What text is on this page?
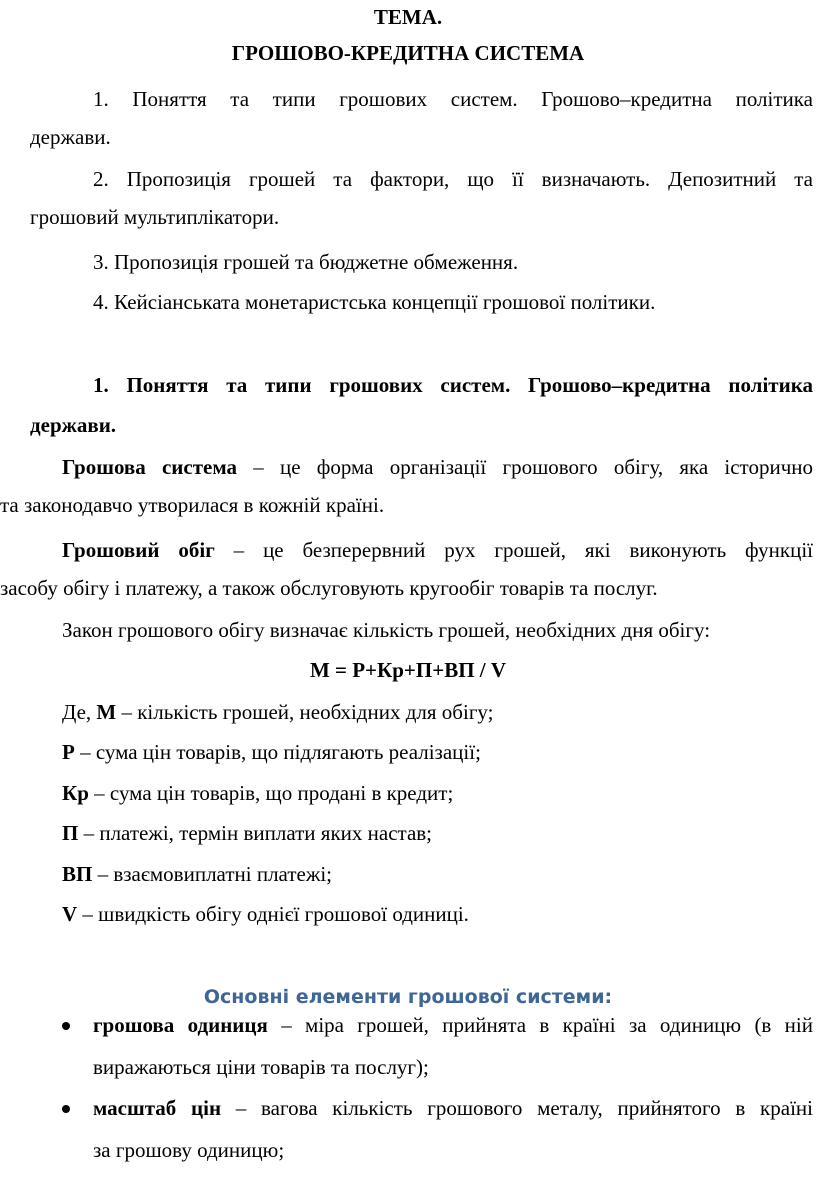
ТЕМА.
ГРОШОВО-КРЕДИТНА СИСТЕМА
1. Поняття та типи грошових систем. Грошово–кредитна політика
держави.
2. Пропозиція грошей та фактори, що її визначають. Депозитний та
грошовий мультиплікатори.
3. Пропозиція грошей та бюджетне обмеження.
4. Кейсіанськата монетаристська концепції грошової політики.
1. Поняття та типи грошових систем. Грошово–кредитна політика
держави.
Грошова система – це форма організації грошового обігу, яка історично
та законодавчо утворилася в кожній країні.
Грошовий обіг – це безперервний рух грошей, які виконують функції
засобу обігу і платежу, а також обслуговують кругообіг товарів та послуг.
Закон грошового обігу визначає кількість грошей, необхідних дня обігу:
М = Р+Кр+П+ВП / V
Де, М – кількість грошей, необхідних для обігу;
Р – сума цін товарів, що підлягають реалізації;
Кр – сума цін товарів, що продані в кредит;
П – платежі, термін виплати яких настав;
ВП – взаємовиплатні платежі;
V – швидкість обігу однієї грошової одиниці.
Основні елементи грошової системи:
грошова одиниця – міра грошей, прийнята в країні за одиницю (в ній
виражаються ціни товарів та послуг);
масштаб цін – вагова кількість грошового металу, прийнятого в країні
за грошову одиницю;
